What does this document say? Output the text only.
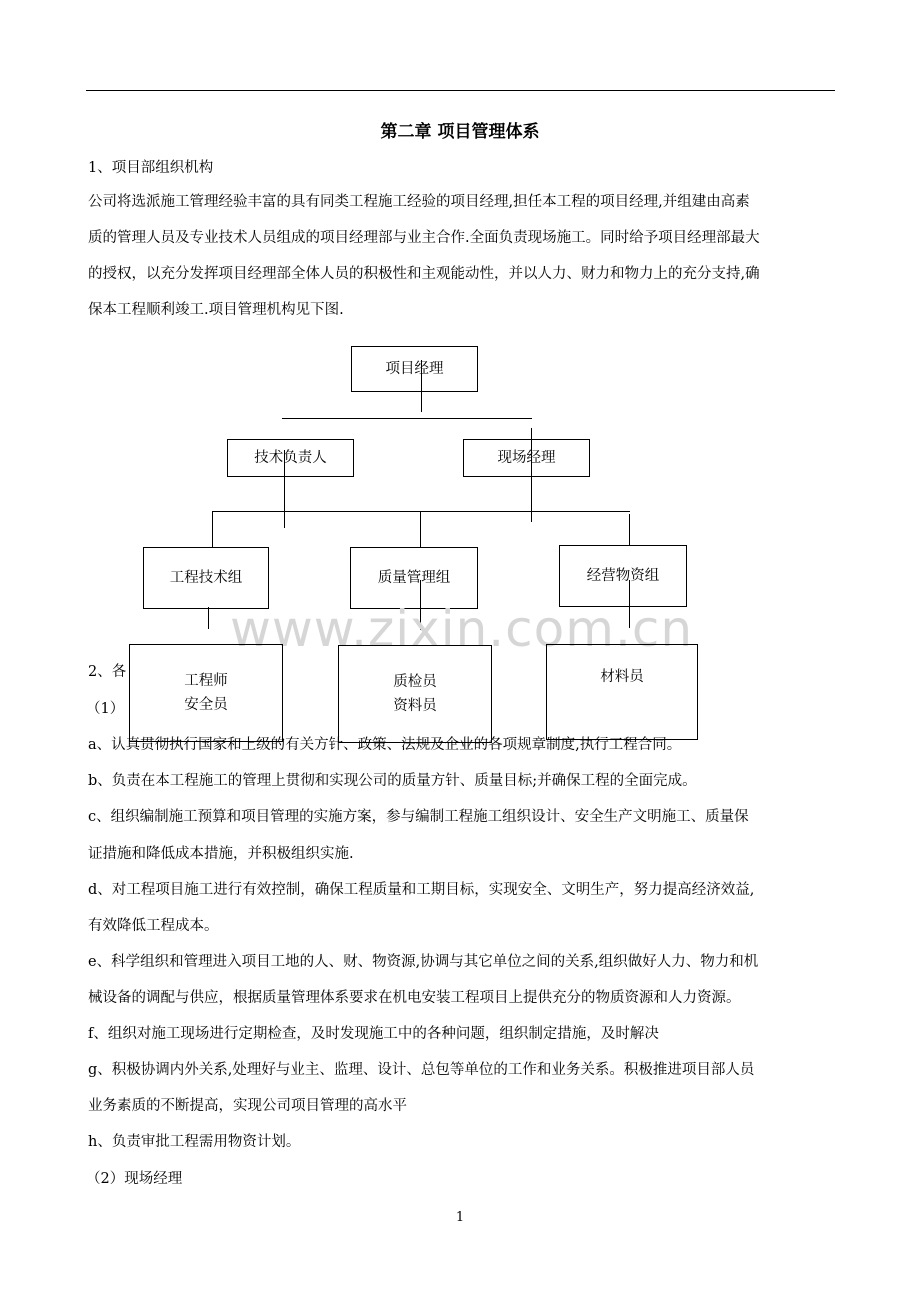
第二章 项目管理体系
1、项目部组织机构
公司将选派施工管理经验丰富的具有同类工程施工经验的项目经理,担任本工程的项目经理,并组建由高素
质的管理人员及专业技术人员组成的项目经理部与业主合作.全面负责现场施工。同时给予项目经理部最大
的授权，以充分发挥项目经理部全体人员的积极性和主观能动性，并以人力、财力和物力上的充分支持,确
保本工程顺利竣工.项目管理机构见下图.
项目经理
技术负责人	现场经理
工程技术组	质量管理组	经营物资组
www.zixin.com.cn
2、各
（1）
a、认真贯彻执行国家和上级的有关方针、政策、法规及企业的各项规章制度,执行工程合同。
b、负责在本工程施工的管理上贯彻和实现公司的质量方针、质量目标;并确保工程的全面完成。
c、组织编制施工预算和项目管理的实施方案，参与编制工程施工组织设计、安全生产文明施工、质量保
证措施和降低成本措施，并积极组织实施.
d、对工程项目施工进行有效控制，确保工程质量和工期目标，实现安全、文明生产，努力提高经济效益,
有效降低工程成本。
e、科学组织和管理进入项目工地的人、财、物资源,协调与其它单位之间的关系,组织做好人力、物力和机
械设备的调配与供应，根据质量管理体系要求在机电安装工程项目上提供充分的物质资源和人力资源。
f、组织对施工现场进行定期检查，及时发现施工中的各种问题，组织制定措施，及时解决
g、积极协调内外关系,处理好与业主、监理、设计、总包等单位的工作和业务关系。积极推进项目部人员
业务素质的不断提高，实现公司项目管理的高水平
h、负责审批工程需用物资计划。
（2）现场经理
工程师
安全员
质检员
资料员
材料员
1
